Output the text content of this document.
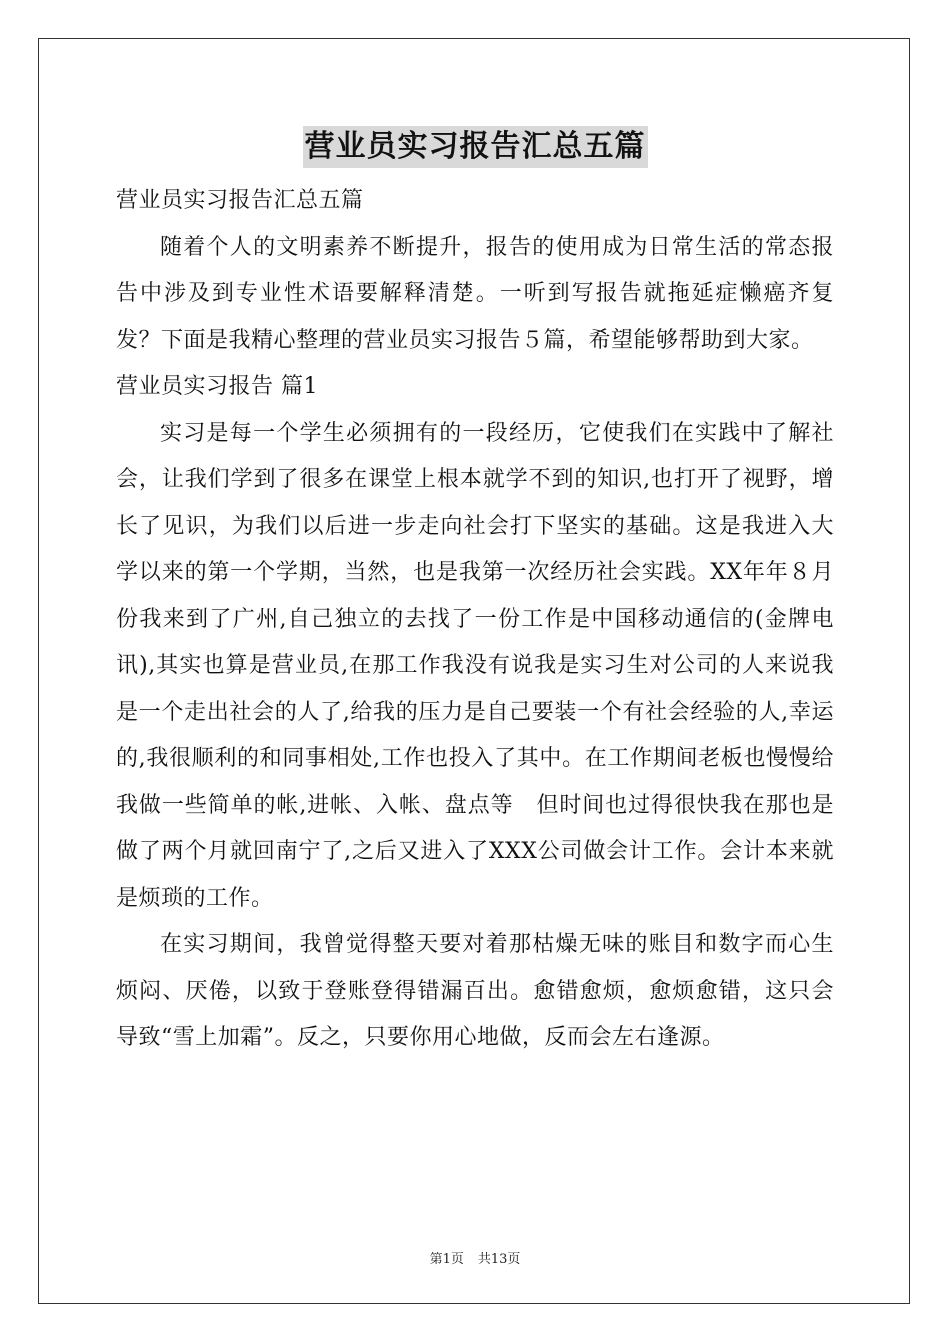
营业员实习报告汇总五篇

营业员实习报告汇总五篇

随着个人的文明素养不断提升，报告的使用成为日常生活的常态报告中涉及到专业性术语要解释清楚。一听到写报告就拖延症懒癌齐复发？下面是我精心整理的营业员实习报告５篇，希望能够帮助到大家。

营业员实习报告 篇1

实习是每一个学生必须拥有的一段经历，它使我们在实践中了解社会，让我们学到了很多在课堂上根本就学不到的知识,也打开了视野，增长了见识，为我们以后进一步走向社会打下坚实的基础。这是我进入大学以来的第一个学期，当然，也是我第一次经历社会实践。XX年年８月份我来到了广州,自己独立的去找了一份工作是中国移动通信的(金牌电讯),其实也算是营业员,在那工作我没有说我是实习生对公司的人来说我是一个走出社会的人了,给我的压力是自己要装一个有社会经验的人,幸运的,我很顺利的和同事相处,工作也投入了其中。在工作期间老板也慢慢给我做一些简单的帐,进帐、入帐、盘点等　但时间也过得很快我在那也是做了两个月就回南宁了,之后又进入了XXX公司做会计工作。会计本来就是烦琐的工作。

在实习期间，我曾觉得整天要对着那枯燥无味的账目和数字而心生烦闷、厌倦，以致于登账登得错漏百出。愈错愈烦，愈烦愈错，这只会导致“雪上加霜”。反之，只要你用心地做，反而会左右逢源。

第1页 共13页
